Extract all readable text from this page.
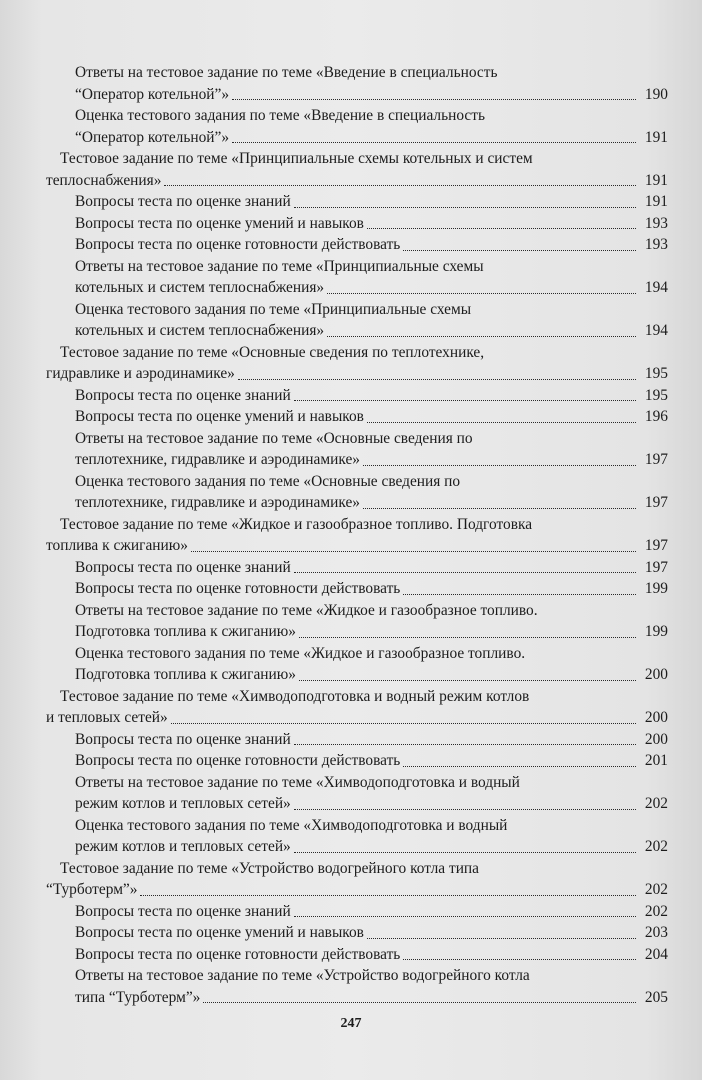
Ответы на тестовое задание по теме «Введение в специальность
“Оператор котельной”»	190
Оценка тестового задания по теме «Введение в специальность
“Оператор котельной”»	191
Тестовое задание по теме «Принципиальные схемы котельных и систем
теплоснабжения»	191
Вопросы теста по оценке знаний	191
Вопросы теста по оценке умений и навыков	193
Вопросы теста по оценке готовности действовать	193
Ответы на тестовое задание по теме «Принципиальные схемы
котельных и систем теплоснабжения»	194
Оценка тестового задания по теме «Принципиальные схемы
котельных и систем теплоснабжения»	194
Тестовое задание по теме «Основные сведения по теплотехнике,
гидравлике и аэродинамике»	195
Вопросы теста по оценке знаний	195
Вопросы теста по оценке умений и навыков	196
Ответы на тестовое задание по теме «Основные сведения по
теплотехнике, гидравлике и аэродинамике»	197
Оценка тестового задания по теме «Основные сведения по
теплотехнике, гидравлике и аэродинамике»	197
Тестовое задание по теме «Жидкое и газообразное топливо. Подготовка
топлива к сжиганию»	197
Вопросы теста по оценке знаний	197
Вопросы теста по оценке готовности действовать	199
Ответы на тестовое задание по теме «Жидкое и газообразное топливо.
Подготовка топлива к сжиганию»	199
Оценка тестового задания по теме «Жидкое и газообразное топливо.
Подготовка топлива к сжиганию»	200
Тестовое задание по теме «Химводоподготовка и водный режим котлов
и тепловых сетей»	200
Вопросы теста по оценке знаний	200
Вопросы теста по оценке готовности действовать	201
Ответы на тестовое задание по теме «Химводоподготовка и водный
режим котлов и тепловых сетей»	202
Оценка тестового задания по теме «Химводоподготовка и водный
режим котлов и тепловых сетей»	202
Тестовое задание по теме «Устройство водогрейного котла типа
“Турботерм”»	202
Вопросы теста по оценке знаний	202
Вопросы теста по оценке умений и навыков	203
Вопросы теста по оценке готовности действовать	204
Ответы на тестовое задание по теме «Устройство водогрейного котла
типа “Турботерм”»	205
247
